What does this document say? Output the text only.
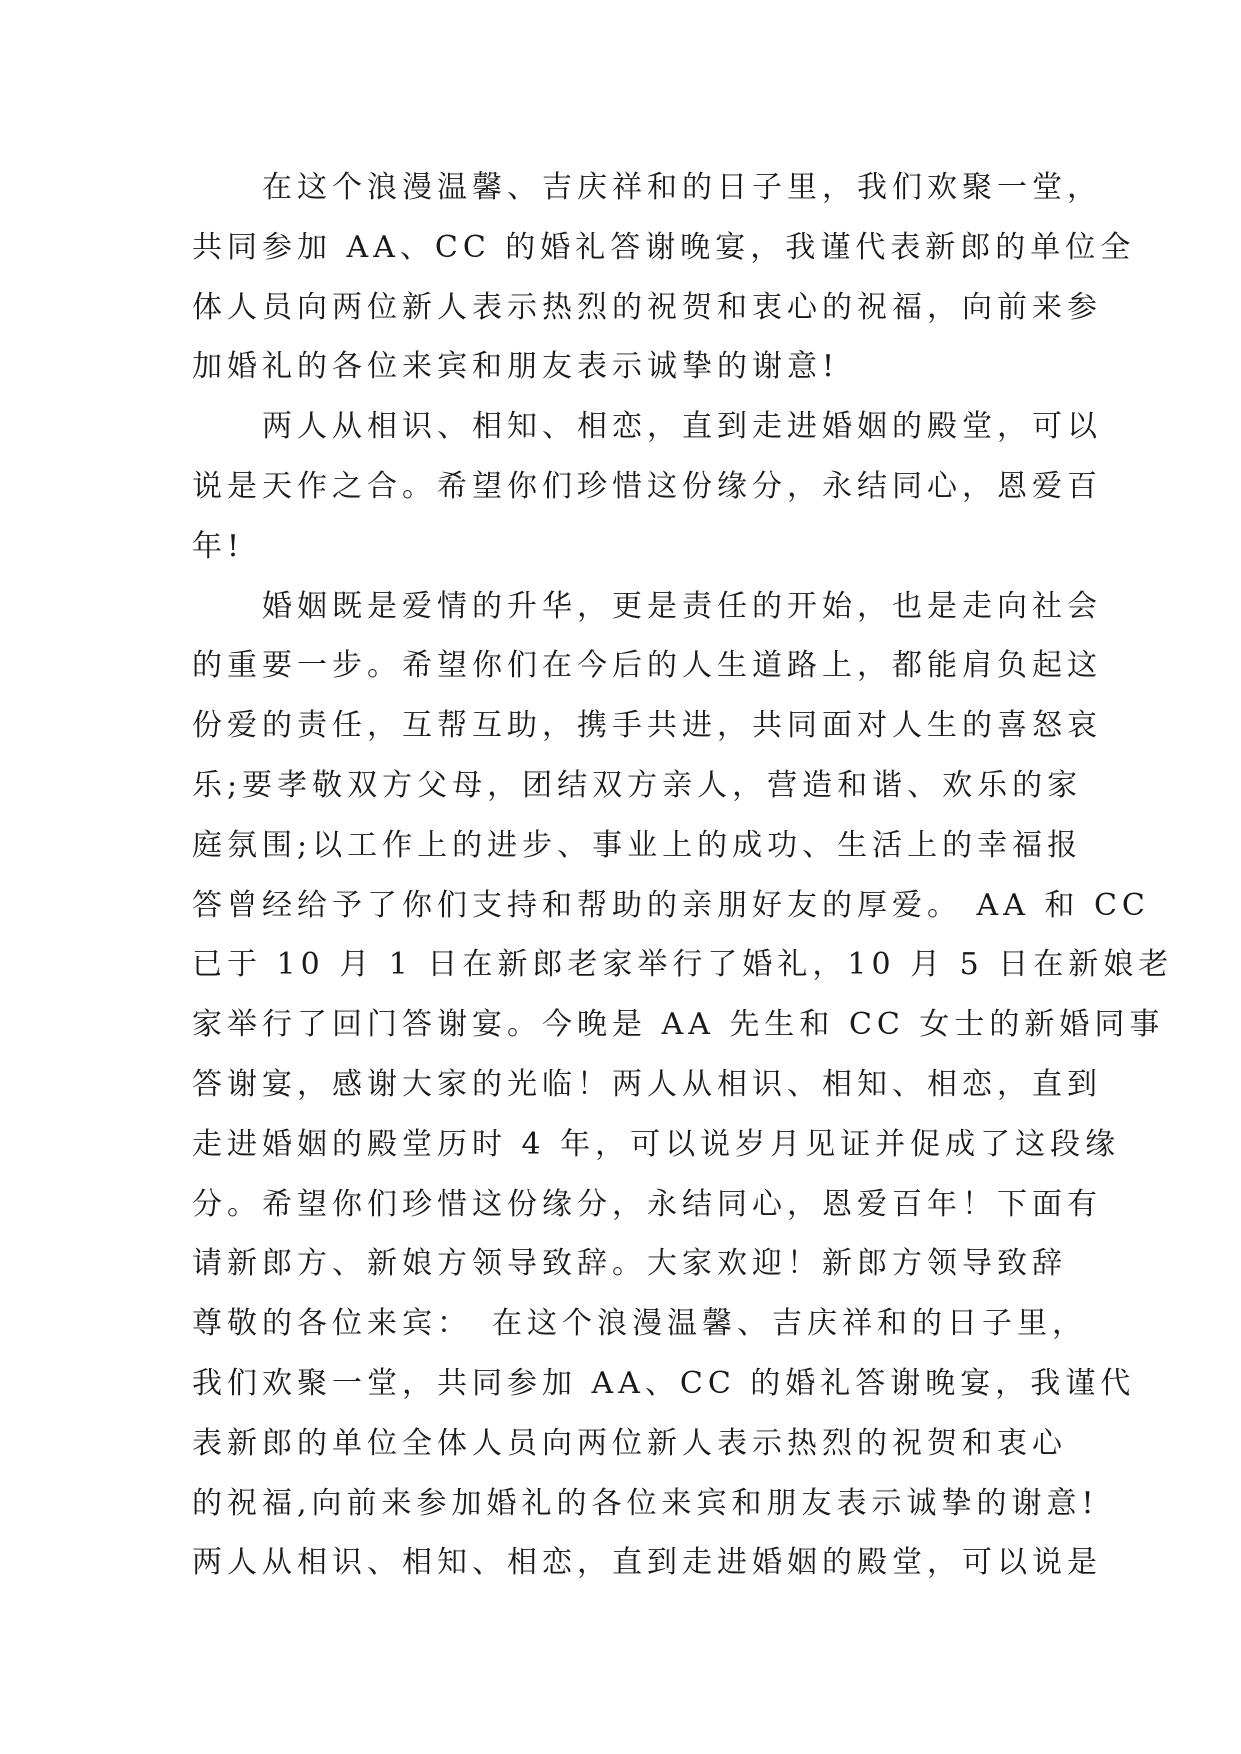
　　在这个浪漫温馨、吉庆祥和的日子里，我们欢聚一堂，
共同参加 AA、CC 的婚礼答谢晚宴，我谨代表新郎的单位全
体人员向两位新人表示热烈的祝贺和衷心的祝福，向前来参
加婚礼的各位来宾和朋友表示诚挚的谢意!
　　两人从相识、相知、相恋，直到走进婚姻的殿堂，可以
说是天作之合。希望你们珍惜这份缘分，永结同心，恩爱百
年!
　　婚姻既是爱情的升华，更是责任的开始，也是走向社会
的重要一步。希望你们在今后的人生道路上，都能肩负起这
份爱的责任，互帮互助，携手共进，共同面对人生的喜怒哀
乐;要孝敬双方父母，团结双方亲人，营造和谐、欢乐的家
庭氛围;以工作上的进步、事业上的成功、生活上的幸福报
答曾经给予了你们支持和帮助的亲朋好友的厚爱。 AA 和 CC
已于 10 月 1 日在新郎老家举行了婚礼，10 月 5 日在新娘老
家举行了回门答谢宴。今晚是 AA 先生和 CC 女士的新婚同事
答谢宴，感谢大家的光临！两人从相识、相知、相恋，直到
走进婚姻的殿堂历时 4 年，可以说岁月见证并促成了这段缘
分。希望你们珍惜这份缘分，永结同心，恩爱百年！下面有
请新郎方、新娘方领导致辞。大家欢迎！新郎方领导致辞
尊敬的各位来宾：　在这个浪漫温馨、吉庆祥和的日子里，
我们欢聚一堂，共同参加 AA、CC 的婚礼答谢晚宴，我谨代
表新郎的单位全体人员向两位新人表示热烈的祝贺和衷心
的祝福,向前来参加婚礼的各位来宾和朋友表示诚挚的谢意!
两人从相识、相知、相恋，直到走进婚姻的殿堂，可以说是
